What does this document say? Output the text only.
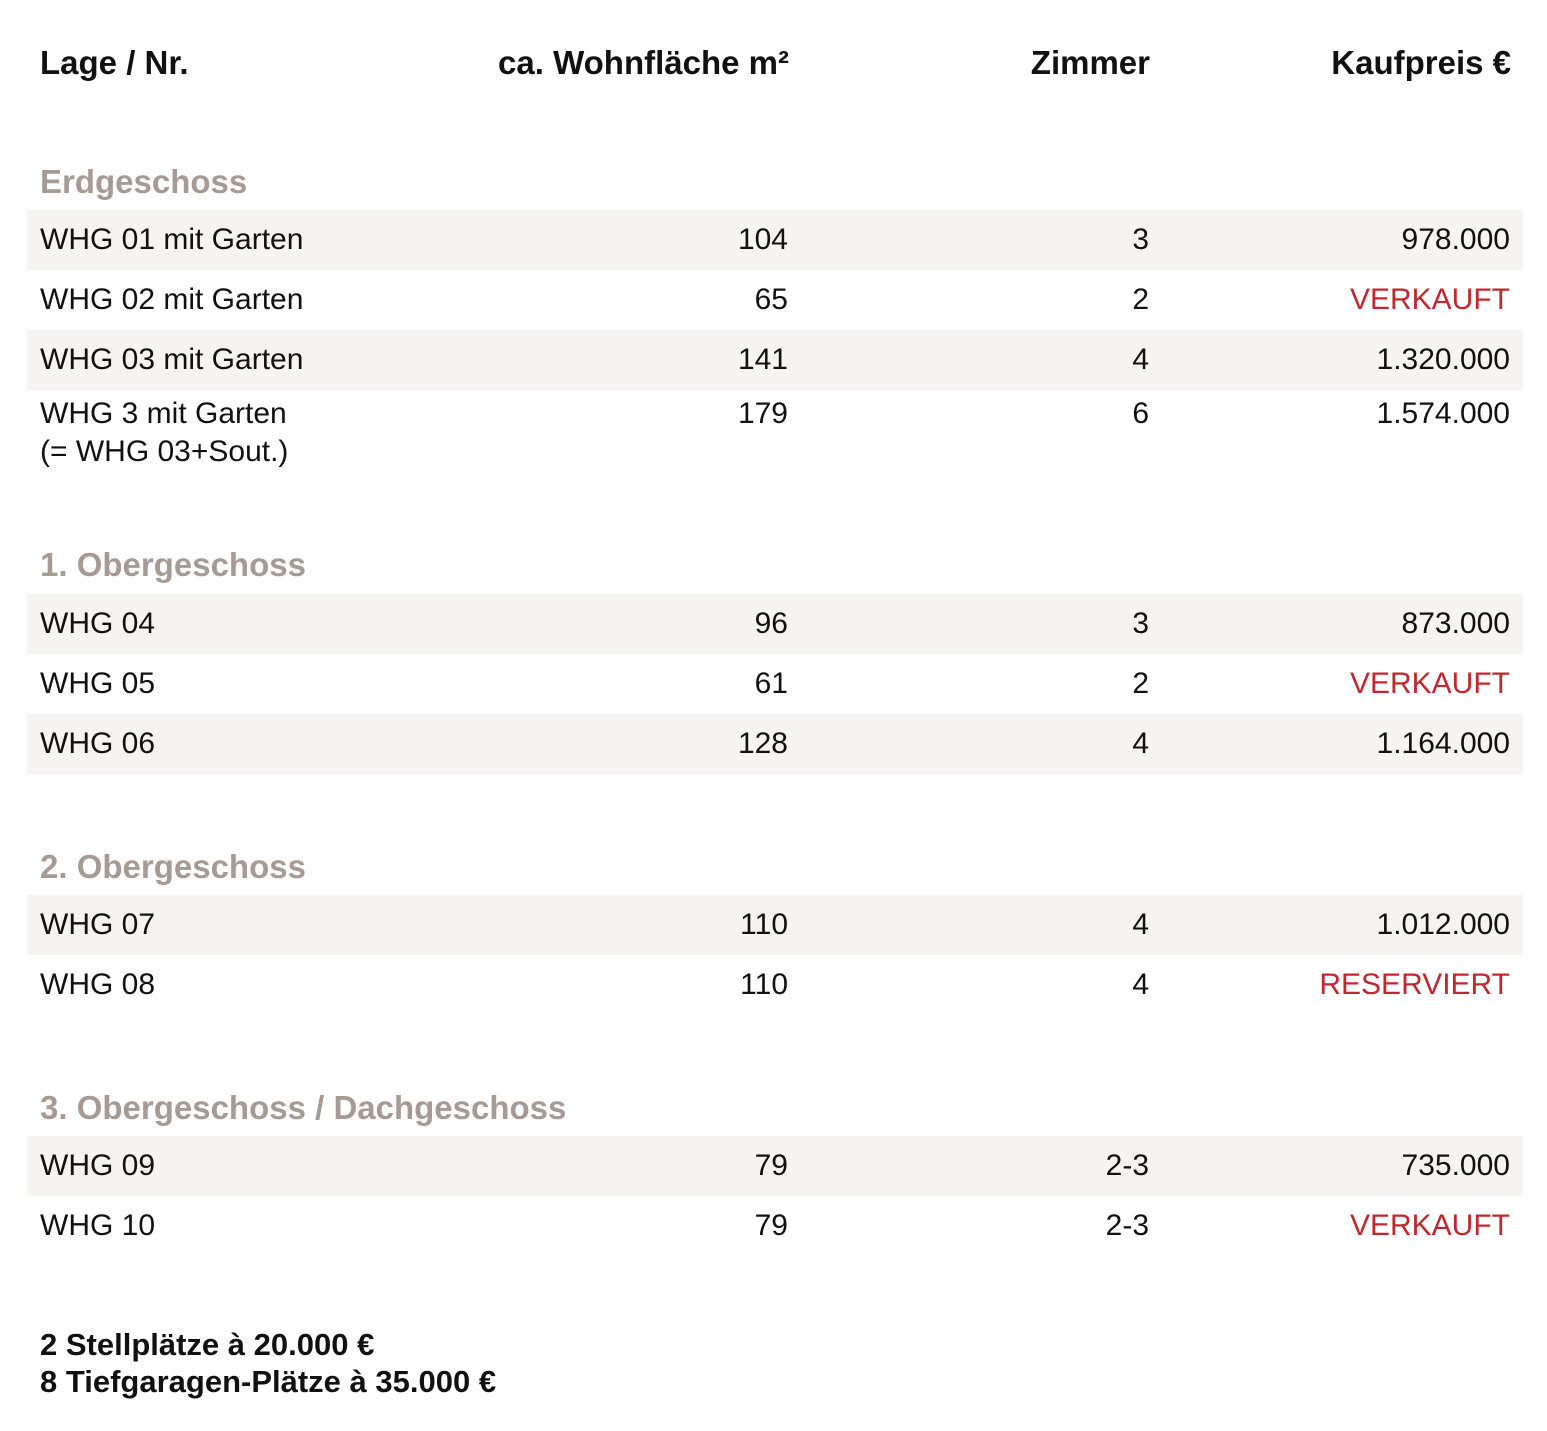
Lage / Nr.	ca. Wohnfläche m²	Zimmer	Kaufpreis €
Erdgeschoss
WHG 01 mit Garten	104	3	978.000
WHG 02 mit Garten	65	2	VERKAUFT
WHG 03 mit Garten	141	4	1.320.000
WHG 3 mit Garten
(= WHG 03+Sout.)
179	6	1.574.000
1. Obergeschoss
WHG 04	96	3	873.000
WHG 05	61	2	VERKAUFT
WHG 06	128	4	1.164.000
2. Obergeschoss
WHG 07	110	4	1.012.000
WHG 08	110	4	RESERVIERT
3. Obergeschoss / Dachgeschoss
WHG 09	79	2-3	735.000
WHG 10	79	2-3	VERKAUFT
2 Stellplätze à 20.000 €
8 Tiefgaragen-Plätze à 35.000 €
